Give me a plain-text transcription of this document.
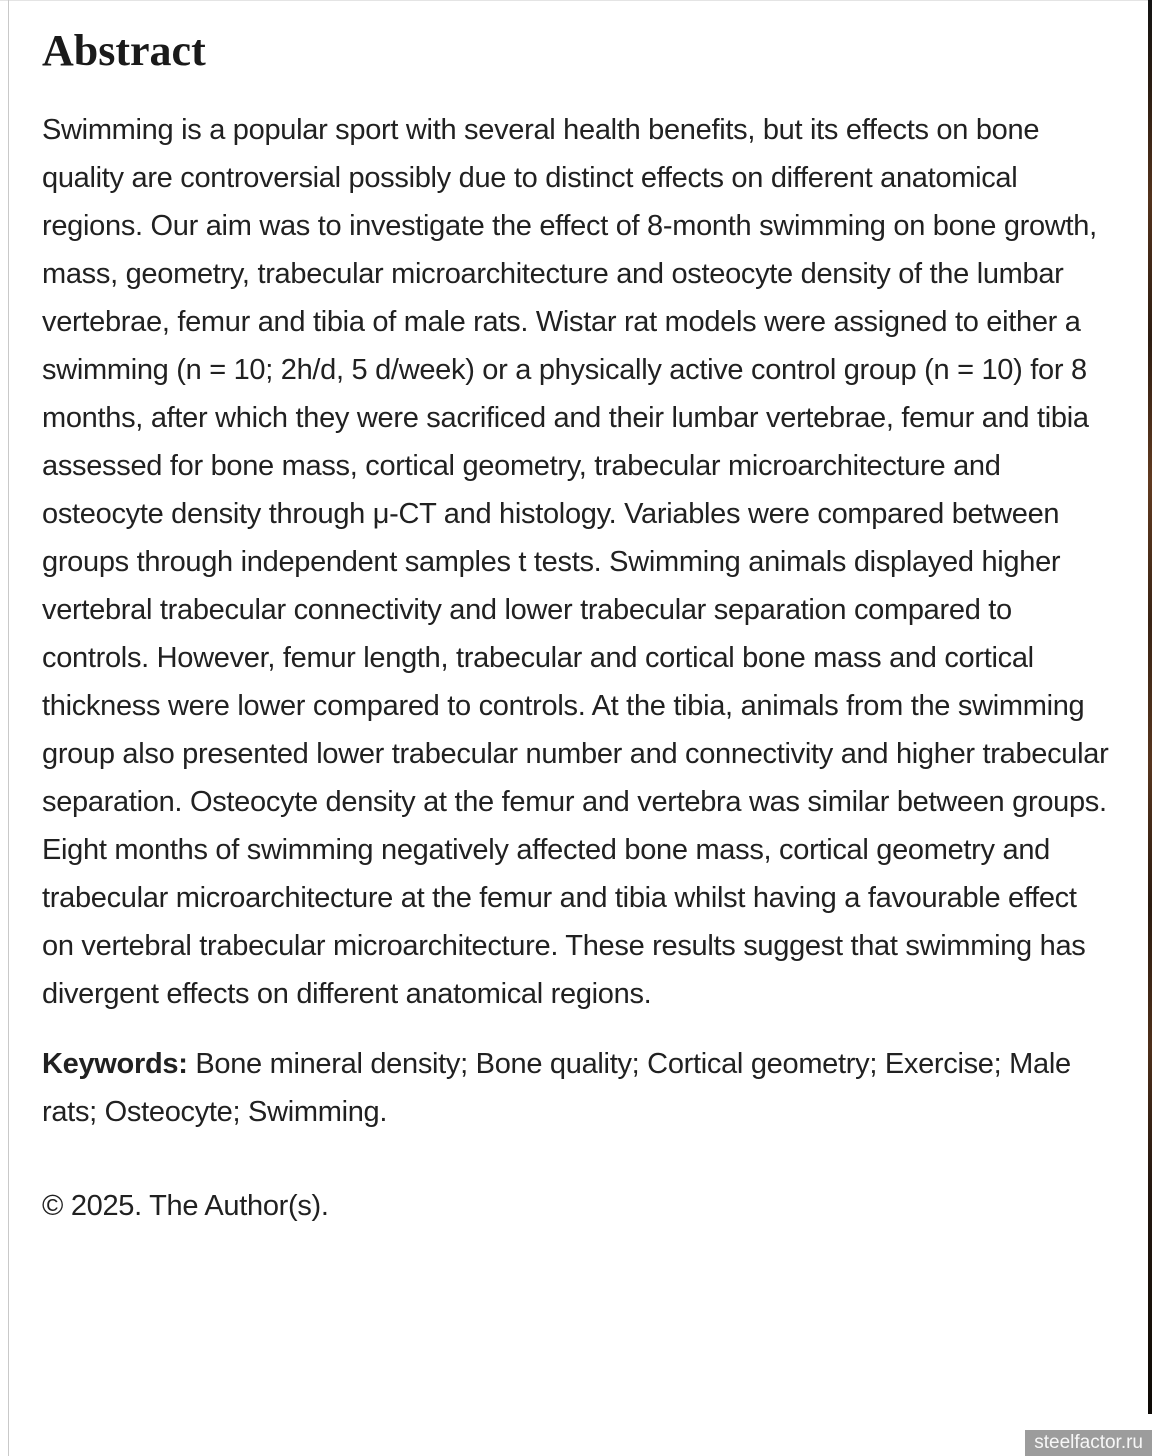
Abstract

Swimming is a popular sport with several health benefits, but its effects on bone quality are controversial possibly due to distinct effects on different anatomical regions. Our aim was to investigate the effect of 8-month swimming on bone growth, mass, geometry, trabecular microarchitecture and osteocyte density of the lumbar vertebrae, femur and tibia of male rats. Wistar rat models were assigned to either a swimming (n = 10; 2h/d, 5 d/week) or a physically active control group (n = 10) for 8 months, after which they were sacrificed and their lumbar vertebrae, femur and tibia assessed for bone mass, cortical geometry, trabecular microarchitecture and osteocyte density through μ-CT and histology. Variables were compared between groups through independent samples t tests. Swimming animals displayed higher vertebral trabecular connectivity and lower trabecular separation compared to controls. However, femur length, trabecular and cortical bone mass and cortical thickness were lower compared to controls. At the tibia, animals from the swimming group also presented lower trabecular number and connectivity and higher trabecular separation. Osteocyte density at the femur and vertebra was similar between groups. Eight months of swimming negatively affected bone mass, cortical geometry and trabecular microarchitecture at the femur and tibia whilst having a favourable effect on vertebral trabecular microarchitecture. These results suggest that swimming has divergent effects on different anatomical regions.

Keywords: Bone mineral density; Bone quality; Cortical geometry; Exercise; Male rats; Osteocyte; Swimming.

© 2025. The Author(s).

steelfactor.ru
